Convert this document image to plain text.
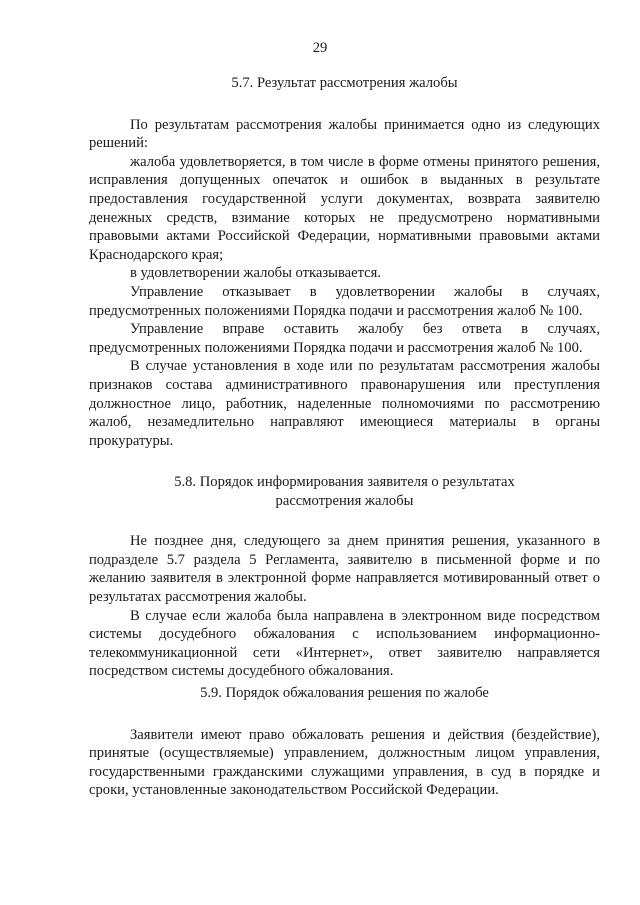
29
5.7. Результат рассмотрения жалобы

По результатам рассмотрения жалобы принимается одно из следующих решений:

жалоба удовлетворяется, в том числе в форме отмены принятого решения, исправления допущенных опечаток и ошибок в выданных в результате предоставления государственной услуги документах, возврата заявителю денежных средств, взимание которых не предусмотрено нормативными правовыми актами Российской Федерации, нормативными правовыми актами Краснодарского края;

в удовлетворении жалобы отказывается.

Управление отказывает в удовлетворении жалобы в случаях, предусмотренных положениями Порядка подачи и рассмотрения жалоб № 100.

Управление вправе оставить жалобу без ответа в случаях, предусмотренных положениями Порядка подачи и рассмотрения жалоб № 100.

В случае установления в ходе или по результатам рассмотрения жалобы признаков состава административного правонарушения или преступления должностное лицо, работник, наделенные полномочиями по рассмотрению жалоб, незамедлительно направляют имеющиеся материалы в органы прокуратуры.

5.8. Порядок информирования заявителя о результатах
рассмотрения жалобы

Не позднее дня, следующего за днем принятия решения, указанного в подразделе 5.7 раздела 5 Регламента, заявителю в письменной форме и по желанию заявителя в электронной форме направляется мотивированный ответ о результатах рассмотрения жалобы.

В случае если жалоба была направлена в электронном виде посредством системы досудебного обжалования с использованием информационно-телекоммуникационной сети «Интернет», ответ заявителю направляется посредством системы досудебного обжалования.

5.9. Порядок обжалования решения по жалобе

Заявители имеют право обжаловать решения и действия (бездействие), принятые (осуществляемые) управлением, должностным лицом управления, государственными гражданскими служащими управления, в суд в порядке и сроки, установленные законодательством Российской Федерации.
